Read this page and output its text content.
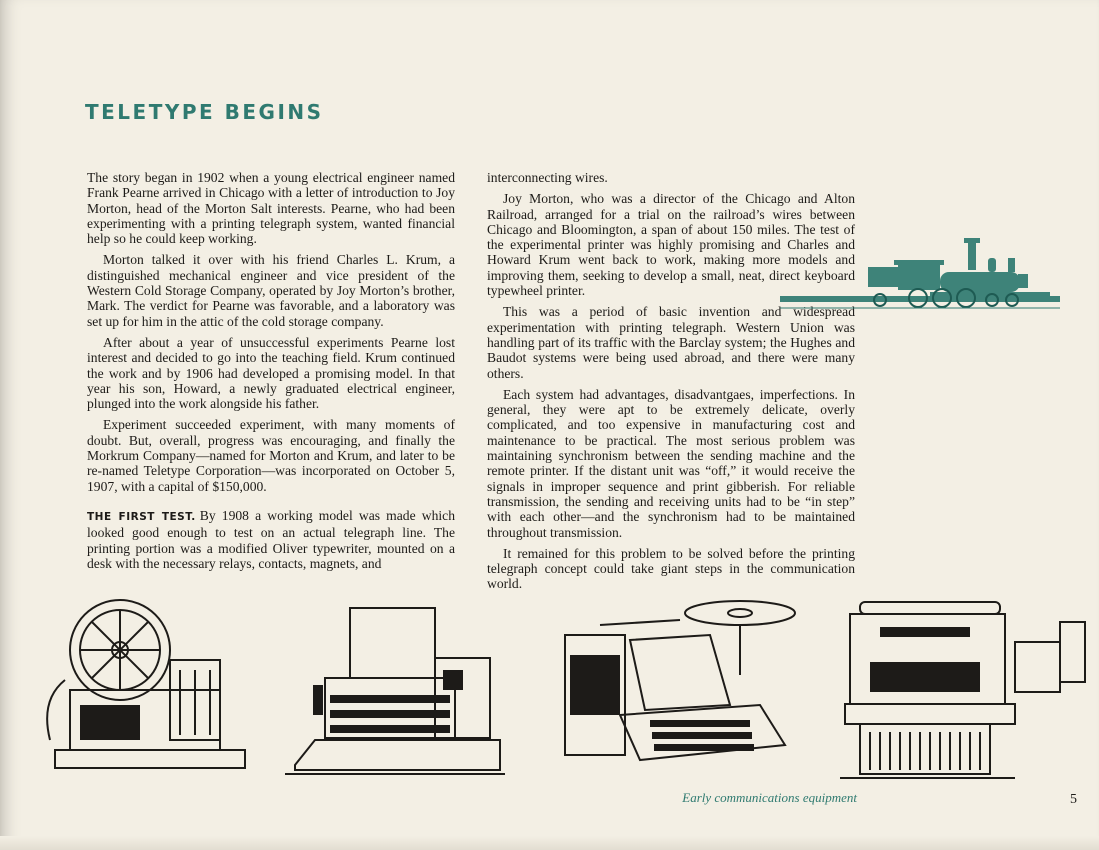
TELETYPE BEGINS

The story began in 1902 when a young electrical engineer named Frank Pearne arrived in Chicago with a letter of introduction to Joy Morton, head of the Morton Salt interests. Pearne, who had been experimenting with a printing telegraph system, wanted financial help so he could keep working.

Morton talked it over with his friend Charles L. Krum, a distinguished mechanical engineer and vice president of the Western Cold Storage Company, operated by Joy Morton’s brother, Mark. The verdict for Pearne was favorable, and a laboratory was set up for him in the attic of the cold storage company.

After about a year of unsuccessful experiments Pearne lost interest and decided to go into the teaching field. Krum continued the work and by 1906 had developed a promising model. In that year his son, Howard, a newly graduated electrical engineer, plunged into the work alongside his father.

Experiment succeeded experiment, with many moments of doubt. But, overall, progress was encouraging, and finally the Morkrum Company—named for Morton and Krum, and later to be re-named Teletype Corporation—was incorporated on October 5, 1907, with a capital of $150,000.

THE FIRST TEST. By 1908 a working model was made which looked good enough to test on an actual telegraph line. The printing portion was a modified Oliver typewriter, mounted on a desk with the necessary relays, contacts, magnets, and

interconnecting wires.

Joy Morton, who was a director of the Chicago and Alton Railroad, arranged for a trial on the railroad’s wires between Chicago and Bloomington, a span of about 150 miles. The test of the experimental printer was highly promising and Charles and Howard Krum went back to work, making more models and improving them, seeking to develop a small, neat, direct keyboard typewheel printer.

This was a period of basic invention and widespread experimentation with printing telegraph. Western Union was handling part of its traffic with the Barclay system; the Hughes and Baudot systems were being used abroad, and there were many others.

Each system had advantages, disadvantgaes, imperfections. In general, they were apt to be extremely delicate, overly complicated, and too expensive in manufacturing cost and maintenance to be practical. The most serious problem was maintaining synchronism between the sending machine and the remote printer. If the distant unit was “off,” it would receive the signals in improper sequence and print gibberish. For reliable transmission, the sending and receiving units had to be “in step” with each other—and the synchronism had to be maintained throughout transmission.

It remained for this problem to be solved before the printing telegraph concept could take giant steps in the communication world.

Early communications equipment	5
